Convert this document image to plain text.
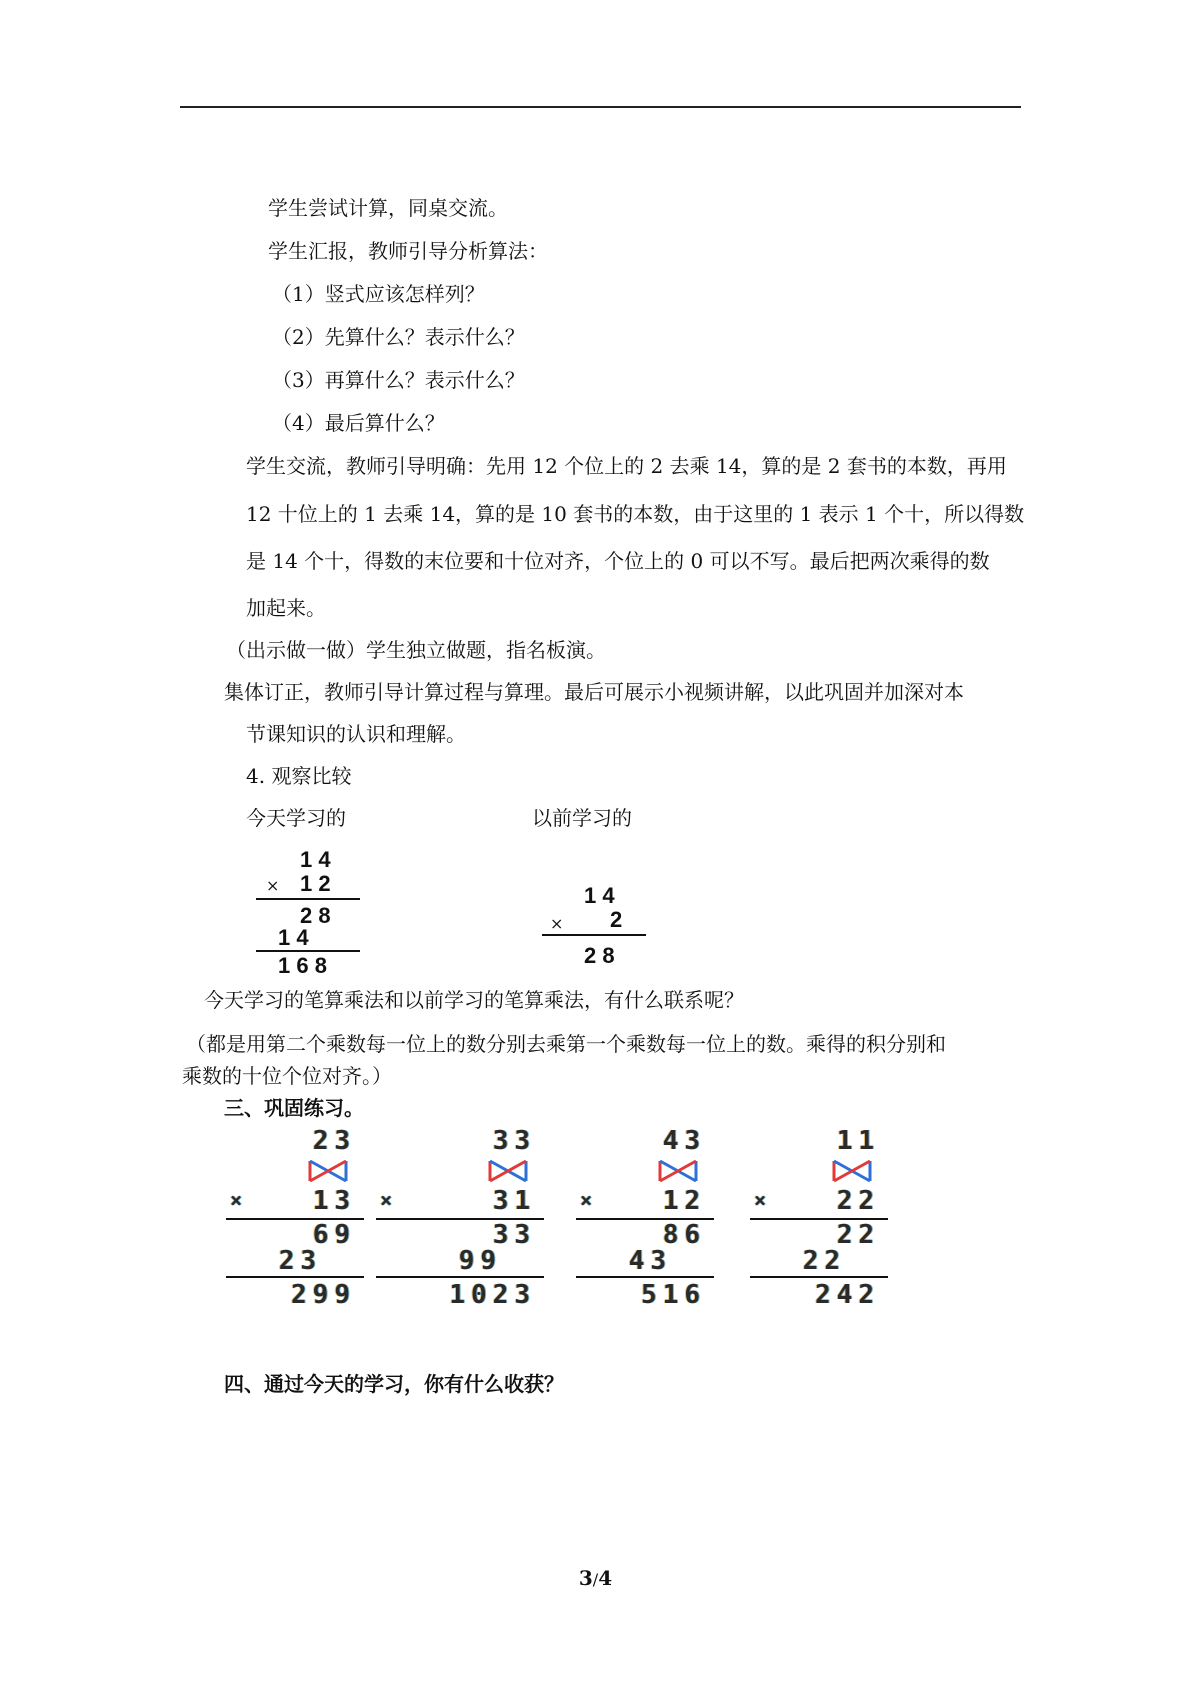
学生尝试计算，同桌交流。
学生汇报，教师引导分析算法：
（1）竖式应该怎样列？
（2）先算什么？表示什么？
（3）再算什么？表示什么？
（4）最后算什么？
学生交流，教师引导明确：先用 12 个位上的 2 去乘 14，算的是 2 套书的本数，再用
12 十位上的 1 去乘 14，算的是 10 套书的本数，由于这里的 1 表示 1 个十，所以得数
是 14 个十，得数的末位要和十位对齐，个位上的 0 可以不写。最后把两次乘得的数
加起来。
（出示做一做）学生独立做题，指名板演。
集体订正，教师引导计算过程与算理。最后可展示小视频讲解，以此巩固并加深对本
节课知识的认识和理解。
4. 观察比较
今天学习的	以前学习的
1 4
× 1 2
2 8
1 4
1 6 8
1 4
× 2
2 8
今天学习的笔算乘法和以前学习的笔算乘法，有什么联系呢？
（都是用第二个乘数每一位上的数分别去乘第一个乘数每一位上的数。乘得的积分别和
乘数的十位个位对齐。）
三、巩固练习。
23
×	13
69
23
299
33
×	31
33
99
1023
43
×	12
86
43
516
11
×	22
22
22
242
四、通过今天的学习，你有什么收获？
3/4
